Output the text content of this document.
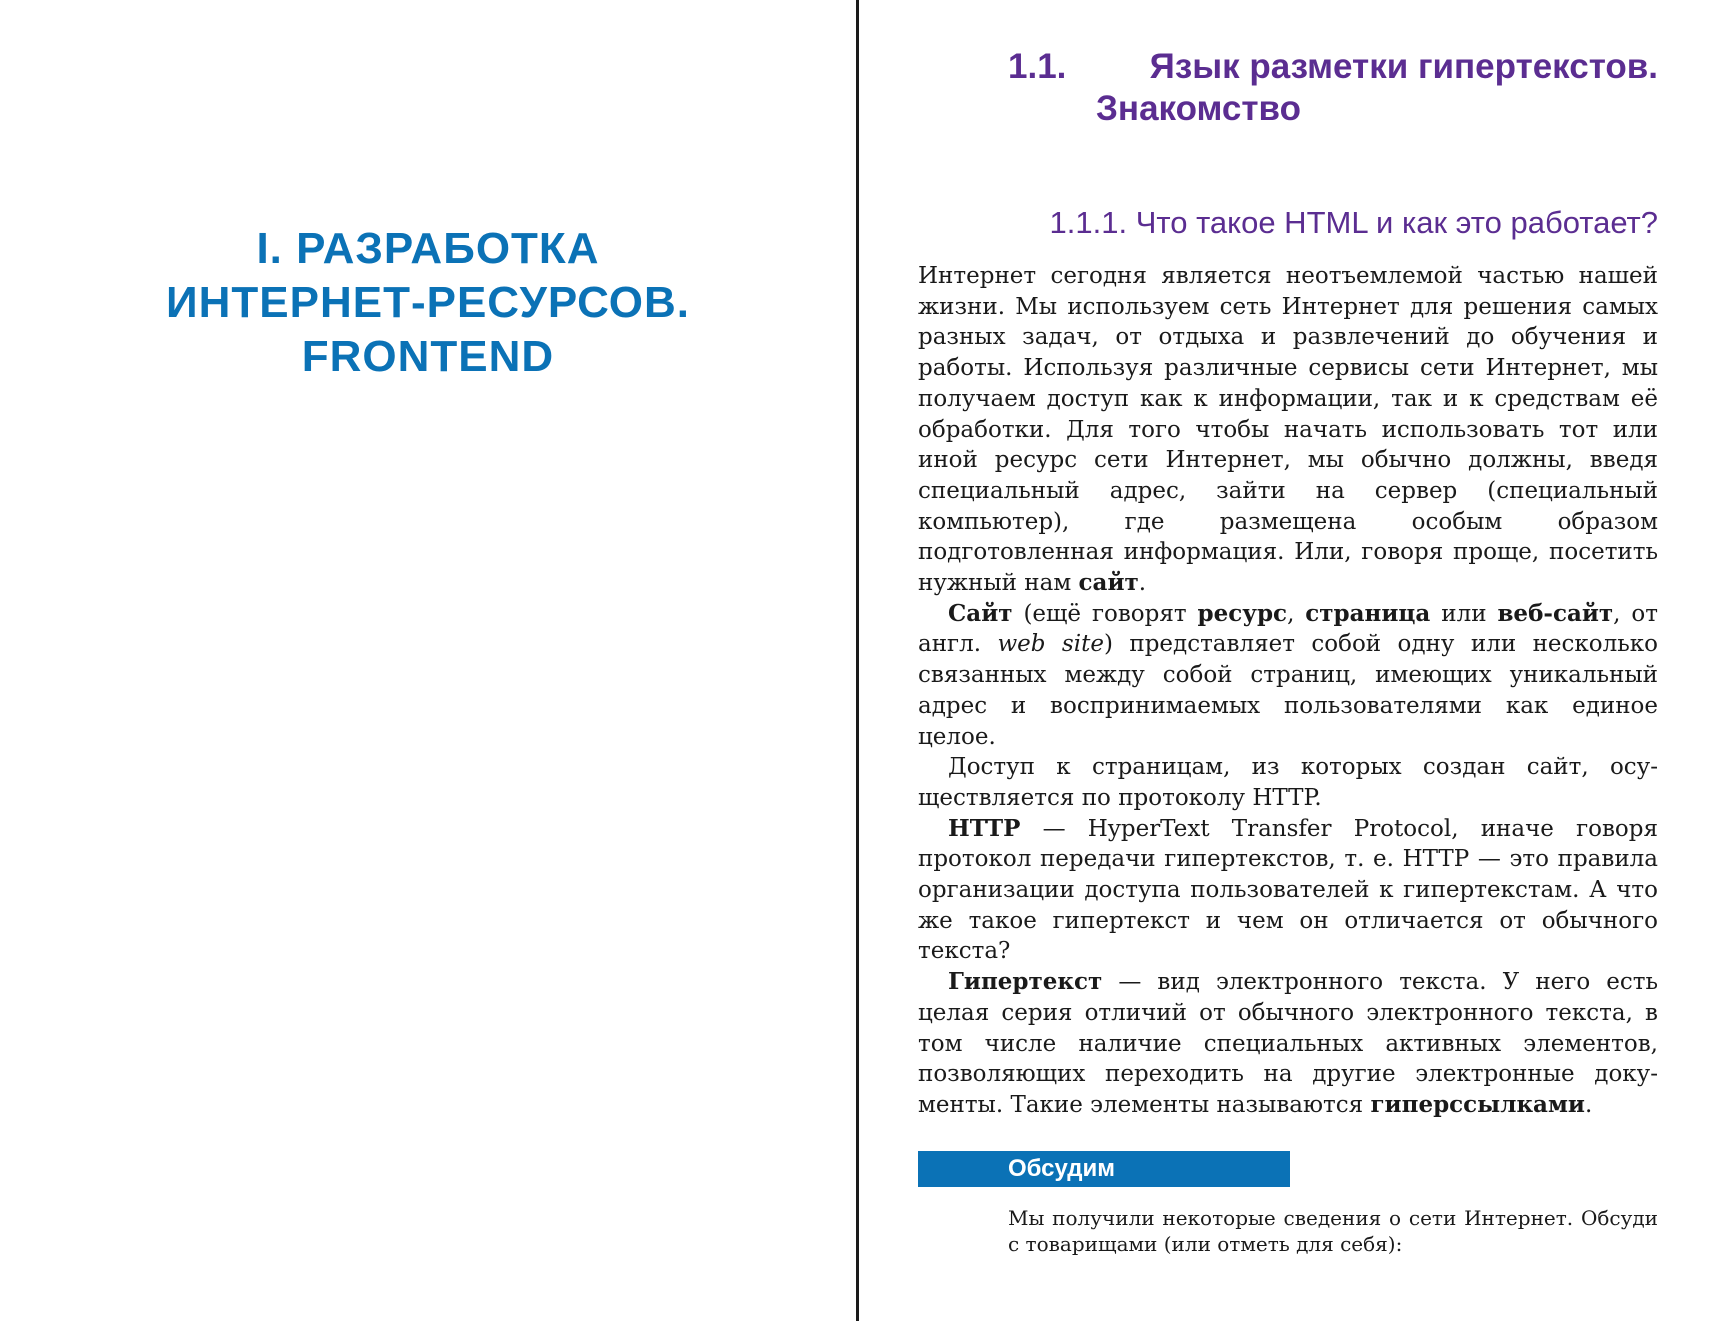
I. РАЗРАБОТКА
ИНТЕРНЕТ-РЕСУРСОВ.
FRONTEND
1.1. Язык разметки гипертекстов.
Знакомство
1.1.1. Что такое HTML и как это работает?

Интернет сегодня является неотъемлемой частью нашей жизни. Мы используем сеть Интернет для решения самых разных задач, от отдыха и развлечений до обучения и работы. Используя различные сервисы сети Интернет, мы получаем доступ как к информации, так и к средствам её обработки. Для того чтобы начать использовать тот или иной ресурс сети Интернет, мы обычно должны, введя специальный адрес, зайти на сервер (специальный компьютер), где размещена особым образом подготовленная информация. Или, говоря проще, посетить нужный нам сайт.

Сайт (ещё говорят ресурс, страница или веб-сайт, от англ. web site) представляет собой одну или несколько связанных между собой страниц, имеющих уникальный адрес и воспринимаемых пользователями как единое целое.

Доступ к страницам, из которых создан сайт, осуществляется по протоколу HTTP.

HTTP — HyperText Transfer Protocol, иначе говоря протокол передачи гипертекстов, т. е. HTTP — это правила организации доступа пользователей к гипертекстам. А что же такое гипертекст и чем он отличается от обычного текста?

Гипертекст — вид электронного текста. У него есть целая серия отличий от обычного электронного текста, в том числе наличие специальных активных элементов, позволяющих переходить на другие электронные документы. Такие элементы называются гиперссылками.

Обсудим
Мы получили некоторые сведения о сети Интернет. Обсуди с товарищами (или отметь для себя):
